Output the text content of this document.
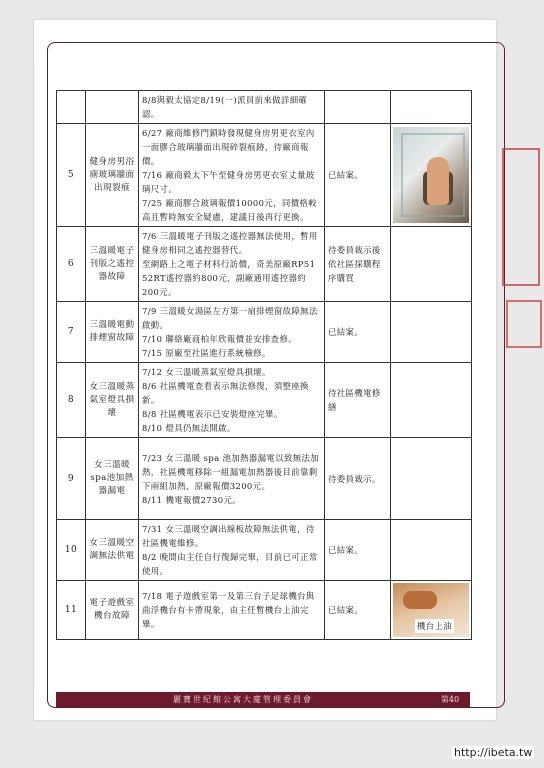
		8/8與毅太協定8/19(一)派員前來做詳細確認。		

5	健身房男浴廁玻璃牆面出現裂痕	6/27 廠商維修門鎖時發現健身房男更衣室內一面膠合玻璃牆面出現碎裂痕跡，待廠商報價。

7/16 廠商毅太下午至健身房男更衣室丈量玻璃尺寸。

7/25 廠商膠合玻璃報價10000元，同價格較高且暫時無安全疑慮，建議日後再行更換。	已結案。	

6	三溫暖電子刊版之遙控器故障	7/6 三溫暖電子刊版之遙控器無法使用，暫用健身房相同之遙控器替代。

至網路上之電子材料行訪價，奇美原廠RP51 52RT遙控器約800元，副廠通用遙控器約200元。	待委員裁示後依社區採購程序購買	
7	三溫暖電動排煙窗故障	7/9 三溫暖女湯區左方第一扇排煙窗故障無法啟動。

7/10 聯絡廠商柏年欣報價並安排查修。

7/15 原廠至社區進行系統檢修。	已結案。	
8	女三溫暖蒸氣室燈具損壞	7/12 女三溫暖蒸氣室燈具損壞。

8/6 社區機電查看表示無法修復，須整座換新。

8/8 社區機電表示已安裝燈座完畢。

8/10 燈具仍無法開啟。	待社區機電修繕	
9	女三溫暖spa池加熱器漏電	7/23 女三溫暖 spa 池加熱器漏電以致無法加熱，社區機電移除一組漏電加熱器後目前靠剩下兩組加熱，原廠報價3200元。

8/11 機電報價2730元。	待委員裁示。	
10	女三溫暖空調無法供電	7/31 女三溫暖空調出線板故障無法供電，待社區機電維修。

8/2 晚間由主任自行復歸完畢，目前已可正常使用。	已結案。	
11	電子遊戲室機台故障	7/18 電子遊戲室第一及第三台子足球機台與曲浮機台有卡帶現象，由主任暫機台上油完畢。	已結案。	機台上油
麗寶世紀館公寓大廈管理委員會	第40
http://ibeta.tw
